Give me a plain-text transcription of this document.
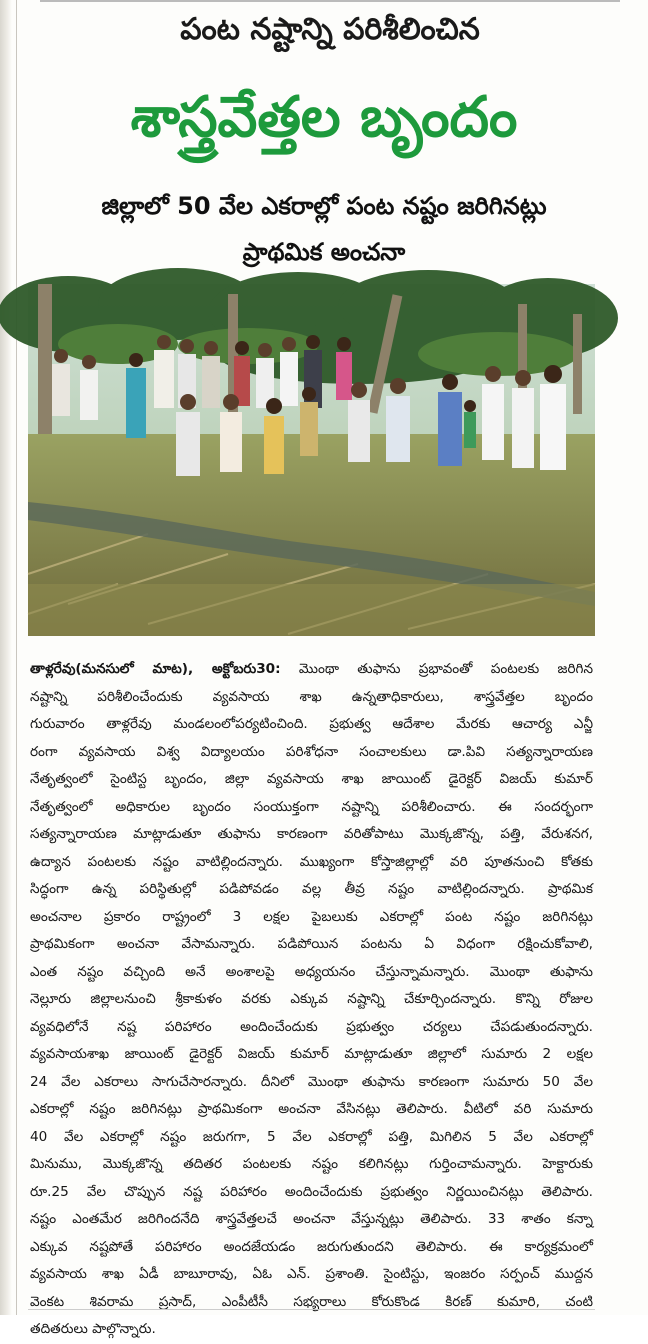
పంట నష్టాన్ని పరిశీలించిన
శాస్త్రవేత్తల బృందం
జిల్లాలో 50 వేల ఎకరాల్లో పంట నష్టం జరిగినట్లు
ప్రాథమిక అంచనా
తాళ్లరేవు(మనసులో మాట), అక్టోబరు30: మొంథా తుఫాను ప్రభావంతో పంటలకు జరిగిన
నష్టాన్ని పరిశీలించేందుకు వ్యవసాయ శాఖ ఉన్నతాధికారులు, శాస్త్రవేత్తల బృందం
గురువారం తాళ్లరేవు మండలంలోపర్యటించింది. ప్రభుత్వ ఆదేశాల మేరకు ఆచార్య ఎన్జీ
రంగా వ్యవసాయ విశ్వ విద్యాలయం పరిశోధనా సంచాలకులు డా.పివి సత్యన్నారాయణ
నేతృత్వంలో సైంటిస్ట బృందం, జిల్లా వ్యవసాయ శాఖ జాయింట్ డైరెక్టర్ విజయ్ కుమార్
నేతృత్వంలో అధికారుల బృందం సంయుక్తంగా నష్టాన్ని పరిశీలించారు. ఈ సందర్భంగా
సత్యన్నారాయణ మాట్లాడుతూ తుఫాను కారణంగా వరితోపాటు మొక్కజొన్న, పత్తి, వేరుశనగ,
ఉద్యాన పంటలకు నష్టం వాటిల్లిందన్నారు. ముఖ్యంగా కోస్తాజిల్లాల్లో వరి పూతనుంచి కోతకు
సిద్ధంగా ఉన్న పరిస్థితుల్లో పడిపోవడం వల్ల తీవ్ర నష్టం వాటిల్లిందన్నారు. ప్రాథమిక
అంచనాల ప్రకారం రాష్ట్రంలో 3 లక్షల పైబలుకు ఎకరాల్లో పంట నష్టం జరిగినట్లు
ప్రాథమికంగా అంచనా వేసామన్నారు. పడిపోయిన పంటను ఏ విధంగా రక్షించుకోవాలి,
ఎంత నష్టం వచ్చింది అనే అంశాలపై అధ్యయనం చేస్తున్నామన్నారు. మొంథా తుఫాను
నెల్లూరు జిల్లాలనుంచి శ్రీకాకుళం వరకు ఎక్కువ నష్టాన్ని చేకూర్చిందన్నారు. కొన్ని రోజుల
వ్యవధిలోనే నష్ట పరిహారం అందించేందుకు ప్రభుత్వం చర్యలు చేపడుతుందన్నారు.
వ్యవసాయశాఖ జాయింట్ డైరెక్టర్ విజయ్ కుమార్ మాట్లాడుతూ జిల్లాలో సుమారు 2 లక్షల
24 వేల ఎకరాలు సాగుచేసారన్నారు. దీనిలో మొంథా తుఫాను కారణంగా సుమారు 50 వేల
ఎకరాల్లో నష్టం జరిగినట్లు ప్రాథమికంగా అంచనా వేసినట్లు తెలిపారు. వీటిలో వరి సుమారు
40 వేల ఎకరాల్లో నష్టం జరుగగా, 5 వేల ఎకరాల్లో పత్తి, మిగిలిన 5 వేల ఎకరాల్లో
మినుము, మొక్కజొన్న తదితర పంటలకు నష్టం కలిగినట్లు గుర్తించామన్నారు. హెక్టారుకు
రూ.25 వేల చొప్పున నష్ట పరిహారం అందించేందుకు ప్రభుత్వం నిర్ణయించినట్లు తెలిపారు.
నష్టం ఎంతమేర జరిగిందనేది శాస్త్రవేత్తలచే అంచనా వేస్తున్నట్లు తెలిపారు. 33 శాతం కన్నా
ఎక్కువ నష్టపోతే పరిహారం అందజేయడం జరుగుతుందని తెలిపారు. ఈ కార్యక్రమంలో
వ్యవసాయ శాఖ ఏడీ బాబూరావు, ఏఓ ఎన్. ప్రశాంతి. సైంటిస్టు, ఇంజరం సర్పంచ్ ముద్దన
వెంకట శివరామ ప్రసాద్, ఎంపీటీసీ సభ్యరాలు కోరుకొండ కిరణ్ కుమారి, చంటి
తదితరులు పాల్గొన్నారు.
